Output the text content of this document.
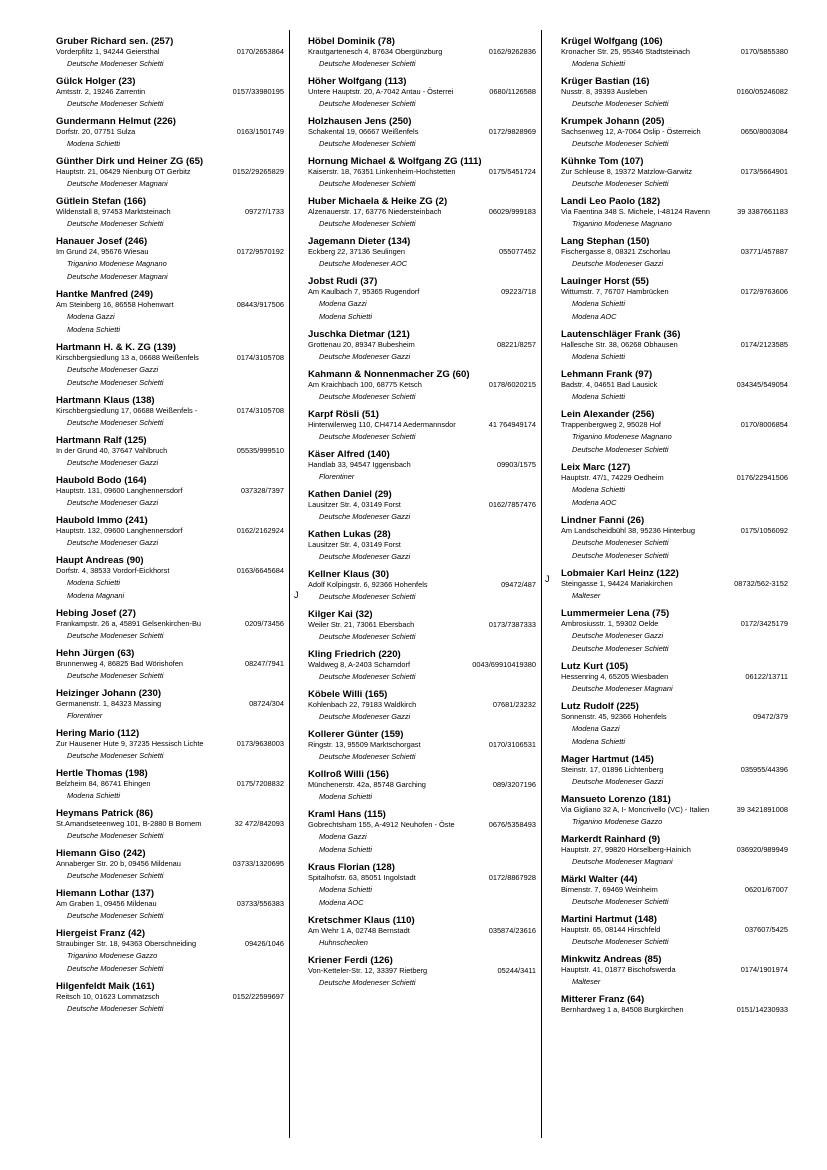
J
J
Gruber Richard sen. (257)
Vorderpfiltz 1, 94244 Geiersthal	0170/2653864
Deutsche Modeneser Schietti
Gülck Holger (23)
Amtsstr. 2, 19246 Zarrentin	0157/33980195
Deutsche Modeneser Schietti
Gundermann Helmut (226)
Dorfstr. 20, 07751 Sulza	0163/1501749
Modena Schietti
Günther Dirk und Heiner ZG (65)
Hauptstr. 21, 06429 Nienburg OT Gerbitz	0152/29265829
Deutsche Modeneser Magnani
Gütlein Stefan (166)
Wildenstall 8, 97453 Marktsteinach	09727/1733
Deutsche Modeneser Schietti
Hanauer Josef (246)
Im Grund 24, 95676 Wiesau	0172/9570192
Triganino Modenese Magnano
Deutsche Modeneser Magnani
Hantke Manfred (249)
Am Steinberg 16, 86558 Hohenwart	08443/917506
Modena Gazzi
Modena Schietti
Hartmann H. & K. ZG (139)
Kirschbergsiedlung 13 a, 06688 Weißenfels	0174/3105708
Deutsche Modeneser Gazzi
Deutsche Modeneser Schietti
Hartmann Klaus (138)
Kirschbergsiedlung 17, 06688 Weißenfels -	0174/3105708
Deutsche Modeneser Schietti
Hartmann Ralf (125)
In der Grund 40, 37647 Vahlbruch	05535/999510
Deutsche Modeneser Gazzi
Haubold Bodo (164)
Hauptstr. 131, 09600 Langhennersdorf	037328/7397
Deutsche Modeneser Gazzi
Haubold Immo (241)
Hauptstr. 132, 09600 Langhennersdorf	0162/2162924
Deutsche Modeneser Gazzi
Haupt Andreas (90)
Dorfstr. 4, 38533 Vordorf-Eickhorst	0163/6645684
Modena Schietti
Modena Magnani
Hebing Josef (27)
Frankampstr. 26 a, 45891 Gelsenkirchen-Bu	0209/73456
Deutsche Modeneser Schietti
Hehn Jürgen (63)
Brunnenweg 4, 86825 Bad Wörishofen	08247/7941
Deutsche Modeneser Schietti
Heizinger Johann (230)
Germanenstr. 1, 84323 Massing	08724/304
Florentiner
Hering Mario (112)
Zur Hausener Hute 9, 37235 Hessisch Lichte	0173/9638003
Deutsche Modeneser Schietti
Hertle Thomas (198)
Belzheim 84, 86741 Ehingen	0175/7208832
Modena Schietti
Heymans Patrick (86)
St.Amandseteenweg 101, B-2880 B Bornem	32 472/842093
Deutsche Modeneser Schietti
Hiemann Giso (242)
Annaberger Str. 20 b, 09456 Mildenau	03733/1320695
Deutsche Modeneser Schietti
Hiemann Lothar (137)
Am Graben 1, 09456 Mildenau	03733/556383
Deutsche Modeneser Schietti
Hiergeist Franz (42)
Straubinger Str. 18, 94363 Oberschneiding	09426/1046
Triganino Modenese Gazzo
Deutsche Modeneser Schietti
Hilgenfeldt Maik (161)
Reitsch 10, 01623 Lommatzsch	0152/22599697
Deutsche Modeneser Schietti
Höbel Dominik (78)
Krautgartenesch 4, 87634 Obergünzburg	0162/9262836
Deutsche Modeneser Schietti
Höher Wolfgang (113)
Untere Hauptstr. 20, A-7042 Antau - Österrei	0680/1126588
Deutsche Modeneser Schietti
Holzhausen Jens (250)
Schakental 19, 06667 Weißenfels	0172/9828969
Deutsche Modeneser Schietti
Hornung Michael & Wolfgang ZG (111)
Kaiserstr. 18, 76351 Linkenheim-Hochstetten	0175/5451724
Deutsche Modeneser Schietti
Huber Michaela & Heike ZG (2)
Alzenauerstr. 17, 63776 Niedersteinbach	06029/999183
Deutsche Modeneser Schietti
Jagemann Dieter (134)
Eckberg 22, 37136 Seulingen	055077452
Deutsche Modeneser AOC
Jobst Rudi (37)
Am Kaulbach 7, 95365 Rugendorf	09223/718
Modena Gazzi
Modena Schietti
Juschka Dietmar (121)
Grottenau 20, 89347 Bubesheim	08221/8257
Deutsche Modeneser Gazzi
Kahmann & Nonnenmacher ZG (60)
Am Kraichbach 100, 68775 Ketsch	0178/6020215
Deutsche Modeneser Schietti
Karpf Rösli (51)
Hinterwilerweg 110, CH4714 Aedermannsdor	41 764949174
Deutsche Modeneser Schietti
Käser Alfred (140)
Handlab 33, 94547 Iggensbach	09903/1575
Florentiner
Kathen Daniel (29)
Lausitzer Str. 4, 03149 Forst	0162/7857476
Deutsche Modeneser Gazzi
Kathen Lukas (28)
Lausitzer Str. 4, 03149 Forst
Deutsche Modeneser Gazzi
Kellner Klaus (30)
Adolf Kolpingstr. 6, 92366 Hohenfels	09472/487
Deutsche Modeneser Schietti
Kilger Kai (32)
Weiler Str. 21, 73061 Ebersbach	0173/7387333
Deutsche Modeneser Schietti
Kling Friedrich (220)
Waldweg 8, A-2403 Scharndorf	0043/69910419380
Deutsche Modeneser Schietti
Köbele Willi (165)
Kohlenbach 22, 79183 Waldkirch	07681/23232
Deutsche Modeneser Gazzi
Kollerer Günter (159)
Ringstr. 13, 95509 Marktschorgast	0170/3106531
Deutsche Modeneser Schietti
Kollroß Willi (156)
Münchenerstr. 42a, 85748 Garching	089/3207196
Modena Schietti
Kraml Hans (115)
Gobrechtsham 155, A-4912 Neuhofen - Öste	0676/5358493
Modena Gazzi
Modena Schietti
Kraus Florian (128)
Spitalhofstr. 63, 85051 Ingolstadt	0172/8867928
Modena Schietti
Modena AOC
Kretschmer Klaus (110)
Am Wehr 1 A, 02748 Bernstadt	035874/23616
Huhnschecken
Kriener Ferdi (126)
Von-Ketteler-Str. 12, 33397 Rietberg	05244/3411
Deutsche Modeneser Schietti
Krügel Wolfgang (106)
Kronacher Str. 25, 95346 Stadtsteinach	0170/5855380
Modena Schietti
Krüger Bastian (16)
Nusstr. 8, 39393 Ausleben	0160/05246082
Deutsche Modeneser Schietti
Krumpek Johann (205)
Sachsenweg 12, A-7064 Oslip - Österreich	0650/8003084
Deutsche Modeneser Schietti
Kühnke Tom (107)
Zur Schleuse 8, 19372 Matzlow-Garwitz	0173/5664901
Deutsche Modeneser Schietti
Landi Leo Paolo (182)
Via Faentina 348 S. Michele, I-48124 Ravenn	39 3387661183
Triganino Modenese Magnano
Lang Stephan (150)
Fischergasse 8, 08321 Zschorlau	03771/457887
Deutsche Modeneser Gazzi
Lauinger Horst (55)
Wittumstr. 7, 76707 Hambrücken	0172/9763606
Modena Schietti
Modena AOC
Lautenschläger Frank (36)
Hallesche Str. 38, 06268 Obhausen	0174/2123585
Modena Schietti
Lehmann Frank (97)
Badstr. 4, 04651 Bad Lausick	034345/549054
Modena Schietti
Lein Alexander (256)
Trappenbergweg 2, 95028 Hof	0170/8006854
Triganino Modenese Magnano
Deutsche Modeneser Schietti
Leix Marc (127)
Hauptstr. 47/1, 74229 Oedheim	0176/22941506
Modena Schietti
Modena AOC
Lindner Fanni (26)
Am Landscheidbühl 38, 95236 Hinterbug	0175/1056092
Deutsche Modeneser Schietti
Deutsche Modeneser Schietti
Lobmaier Karl Heinz (122)
Steingasse 1, 94424 Mariakirchen	08732/562-3152
Malteser
Lummermeier Lena (75)
Ambrosiusstr. 1, 59302 Oelde	0172/3425179
Deutsche Modeneser Gazzi
Deutsche Modeneser Schietti
Lutz Kurt (105)
Hessenring 4, 65205 Wiesbaden	06122/13711
Deutsche Modeneser Magnani
Lutz Rudolf (225)
Sonnenstr. 45, 92366 Hohenfels	09472/379
Modena Gazzi
Modena Schietti
Mager Hartmut (145)
Steinstr. 17, 01896 Lichtenberg	035955/44396
Deutsche Modeneser Gazzi
Mansueto Lorenzo (181)
Via Gigliano 32 A, I- Moncrivello (VC) - Italien	39 3421891008
Triganino Modenese Gazzo
Markerdt Rainhard (9)
Hauptstr. 27, 99820 Hörselberg-Hainich	036920/989949
Deutsche Modeneser Magnani
Märkl Walter (44)
Birnenstr. 7, 69469 Weinheim	06201/67007
Deutsche Modeneser Schietti
Martini Hartmut (148)
Hauptstr. 65, 08144 Hirschfeld	037607/5425
Deutsche Modeneser Schietti
Minkwitz Andreas (85)
Hauptstr. 41, 01877 Bischofswerda	0174/1901974
Malteser
Mitterer Franz (64)
Bernhardweg 1 a, 84508 Burgkirchen	0151/14230933
